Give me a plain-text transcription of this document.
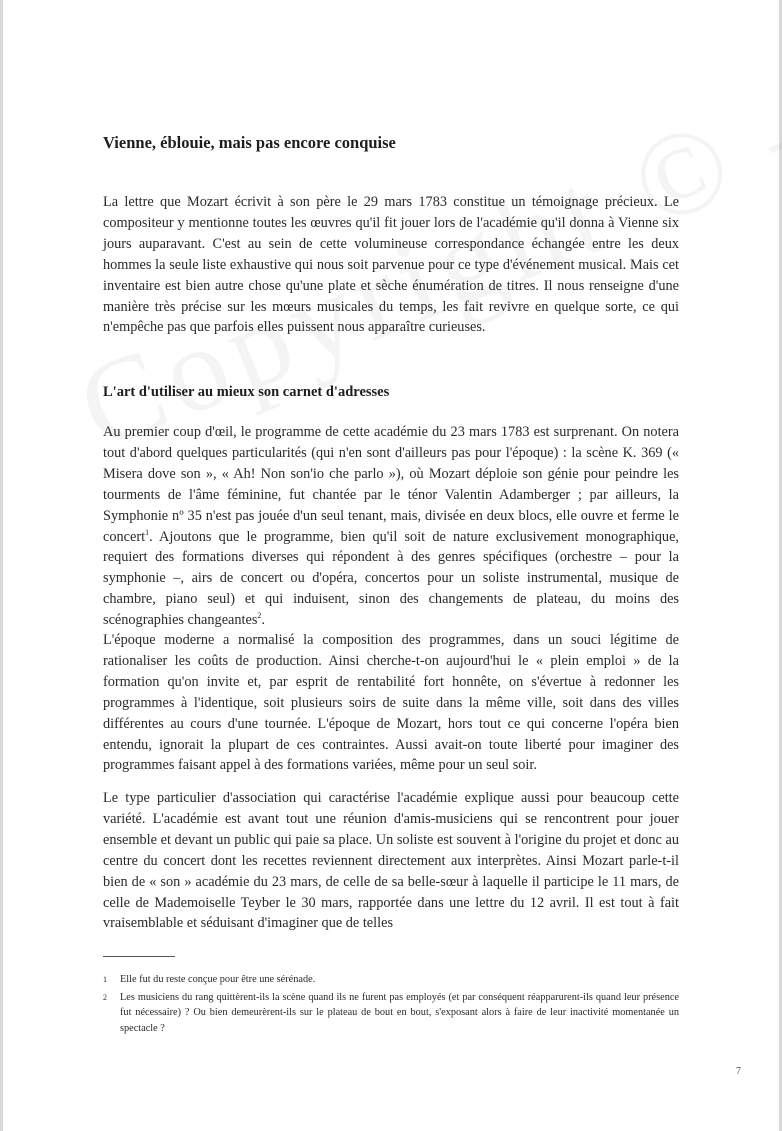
Vienne, éblouie, mais pas encore conquise

La lettre que Mozart écrivit à son père le 29 mars 1783 constitue un témoignage précieux. Le compositeur y mentionne toutes les œuvres qu'il fit jouer lors de l'académie qu'il donna à Vienne six jours auparavant. C'est au sein de cette volumineuse correspondance échangée entre les deux hommes la seule liste exhaustive qui nous soit parvenue pour ce type d'événement musical. Mais cet inventaire est bien autre chose qu'une plate et sèche énumération de titres. Il nous renseigne d'une manière très précise sur les mœurs musicales du temps, les fait revivre en quelque sorte, ce qui n'empêche pas que parfois elles puissent nous apparaître curieuses.

L'art d'utiliser au mieux son carnet d'adresses

Au premier coup d'œil, le programme de cette académie du 23 mars 1783 est surprenant. On notera tout d'abord quelques particularités (qui n'en sont d'ailleurs pas pour l'époque) : la scène K. 369 (« Misera dove son », « Ah! Non son'io che parlo »), où Mozart déploie son génie pour peindre les tourments de l'âme féminine, fut chantée par le ténor Valentin Adamberger ; par ailleurs, la Symphonie nº 35 n'est pas jouée d'un seul tenant, mais, divisée en deux blocs, elle ouvre et ferme le concert$^1$. Ajoutons que le programme, bien qu'il soit de nature exclusivement monographique, requiert des formations diverses qui répondent à des genres spécifiques (orchestre – pour la symphonie –, airs de concert ou d'opéra, concertos pour un soliste instrumental, musique de chambre, piano seul) et qui induisent, sinon des changements de plateau, du moins des scénographies changeantes$^2$.

L'époque moderne a normalisé la composition des programmes, dans un souci légitime de rationaliser les coûts de production. Ainsi cherche-t-on aujourd'hui le « plein emploi » de la formation qu'on invite et, par esprit de rentabilité fort honnête, on s'évertue à redonner les programmes à l'identique, soit plusieurs soirs de suite dans la même ville, soit dans des villes différentes au cours d'une tournée. L'époque de Mozart, hors tout ce qui concerne l'opéra bien entendu, ignorait la plupart de ces contraintes. Aussi avait-on toute liberté pour imaginer des programmes faisant appel à des formations variées, même pour un seul soir.

Le type particulier d'association qui caractérise l'académie explique aussi pour beaucoup cette variété. L'académie est avant tout une réunion d'amis-musiciens qui se rencontrent pour jouer ensemble et devant un public qui paie sa place. Un soliste est souvent à l'origine du projet et donc au centre du concert dont les recettes reviennent directement aux interprètes. Ainsi Mozart parle-t-il bien de « son » académie du 23 mars, de celle de sa belle-sœur à laquelle il participe le 11 mars, de celle de Mademoiselle Teyber le 30 mars, rapportée dans une lettre du 12 avril. Il est tout à fait vraisemblable et séduisant d'imaginer que de telles

1 Elle fut du reste conçue pour être une sérénade.
2 Les musiciens du rang quittèrent-ils la scène quand ils ne furent pas employés (et par conséquent réapparurent-ils quand leur présence fut nécessaire) ? Ou bien demeurèrent-ils sur le plateau de bout en bout, s'exposant alors à faire de leur inactivité momentanée un spectacle ?
7
